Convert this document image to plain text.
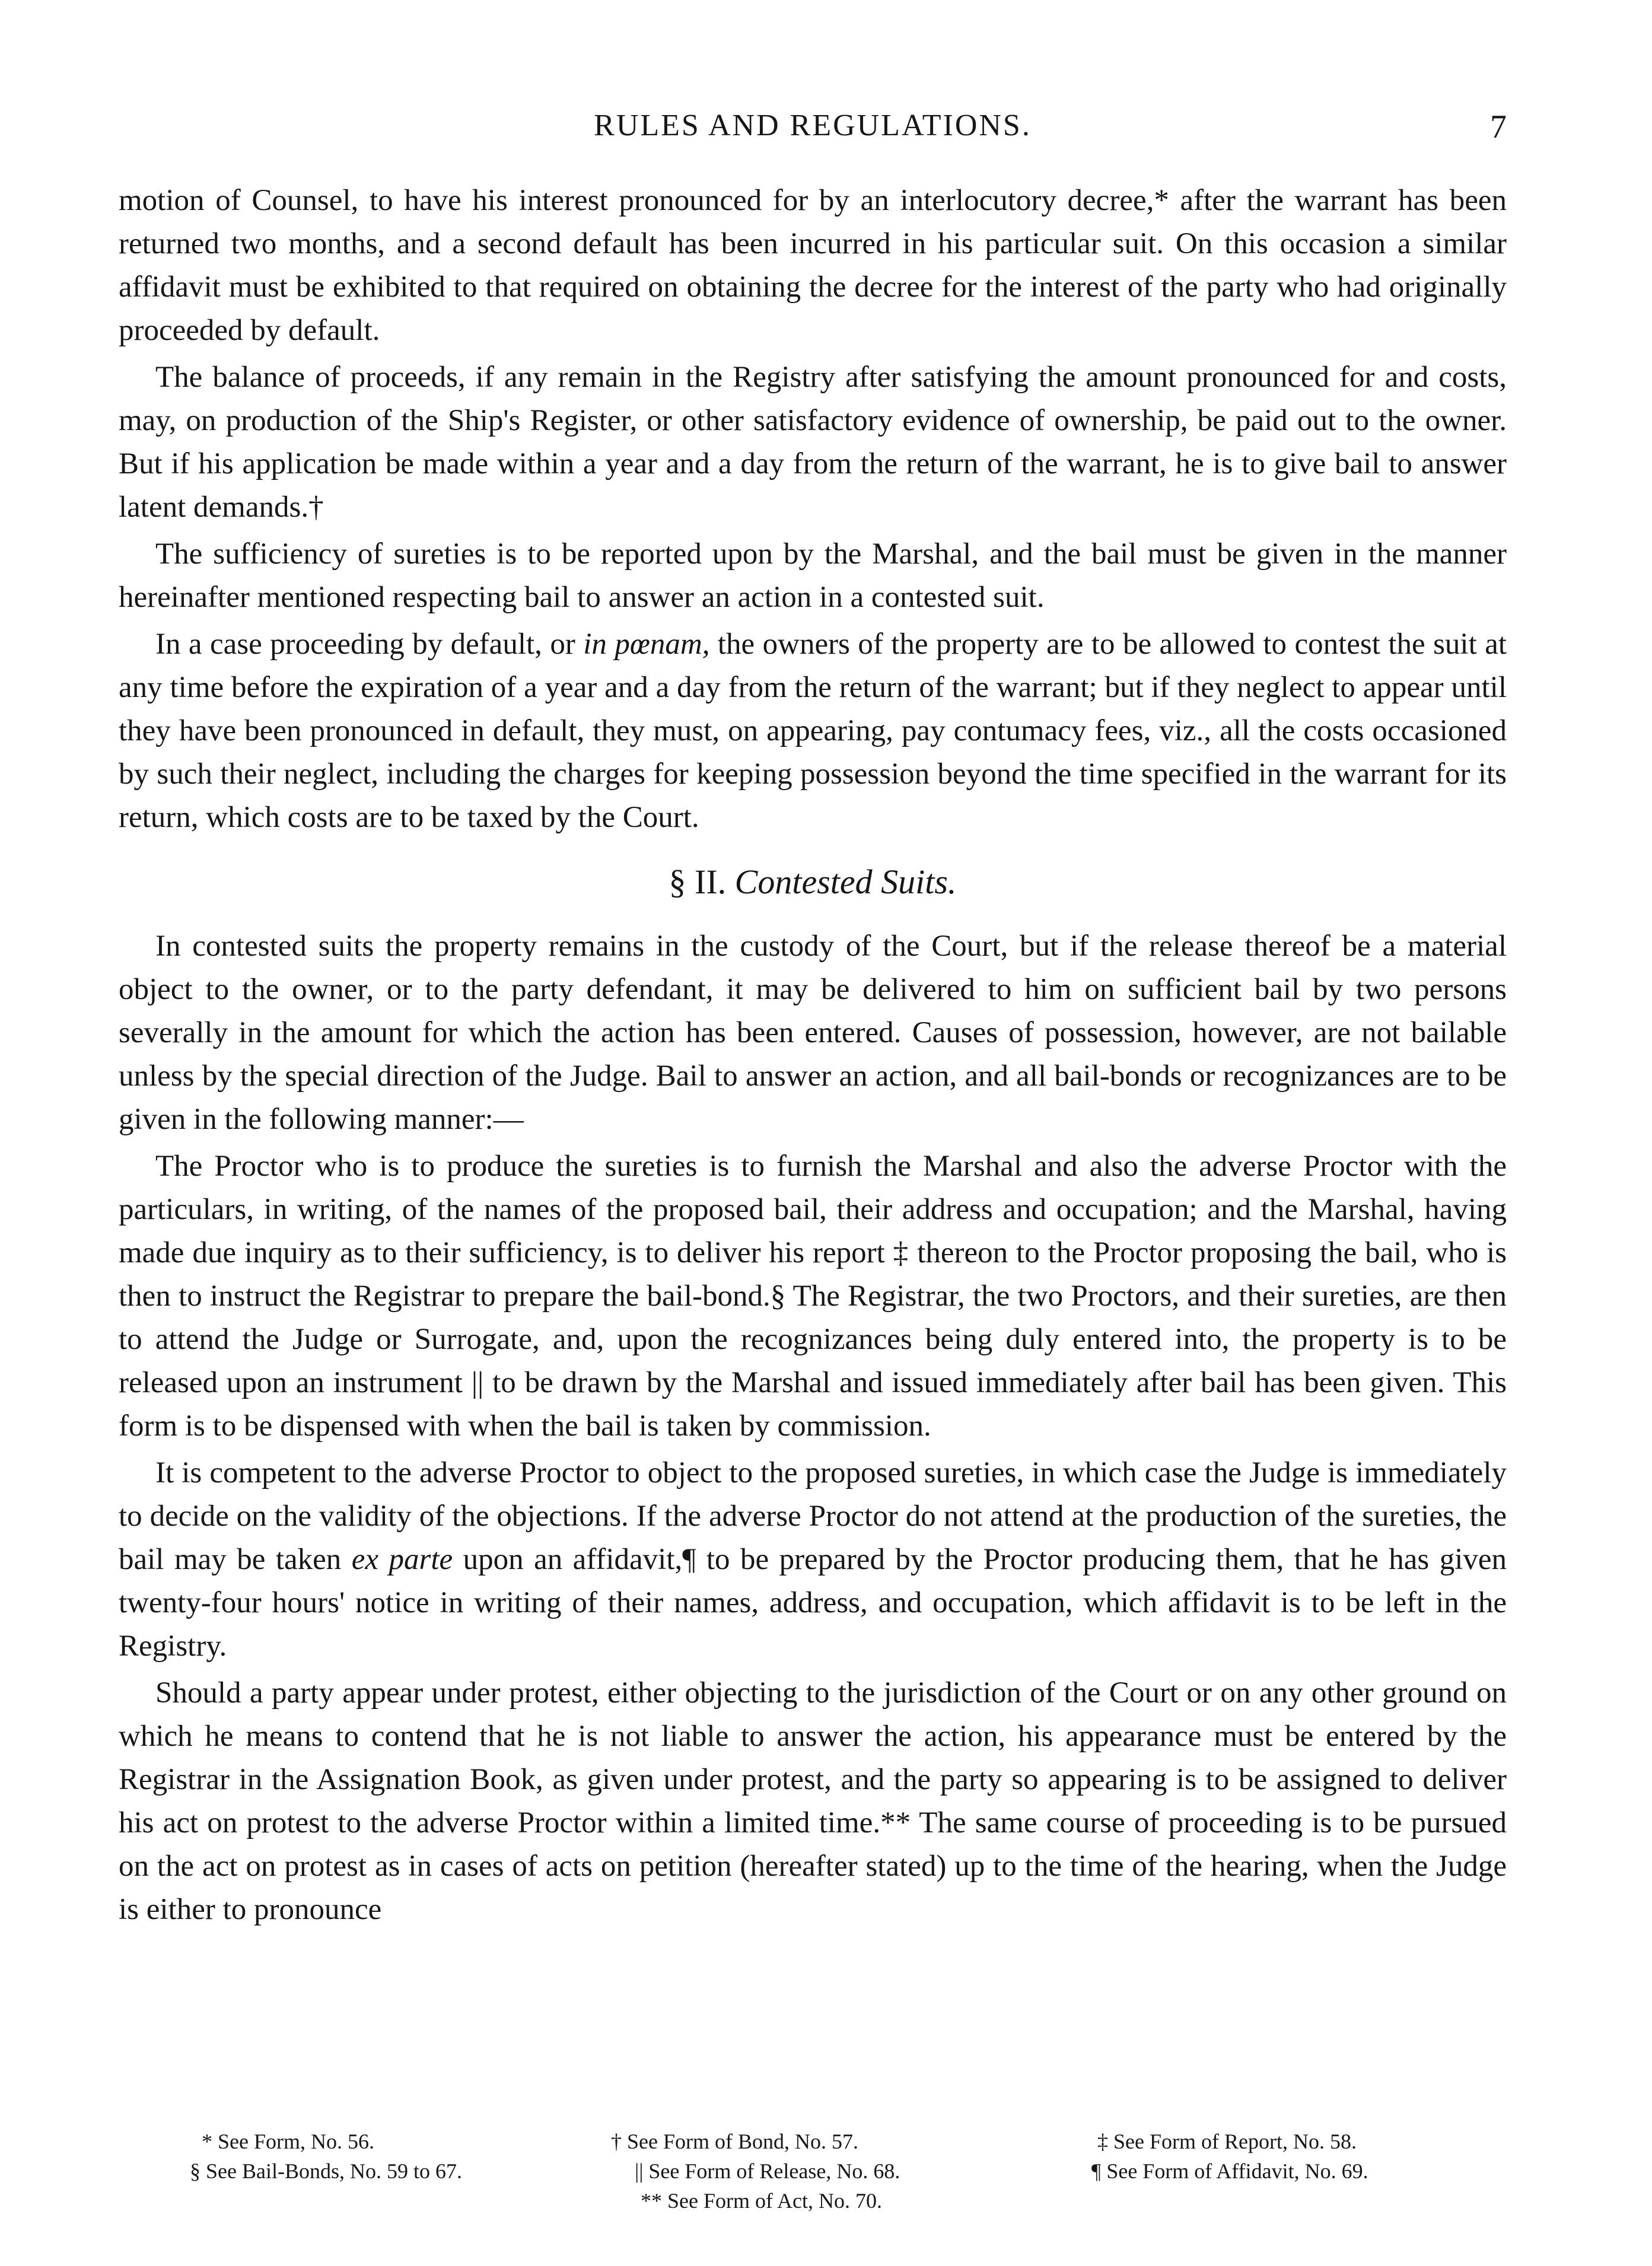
RULES AND REGULATIONS.	7

motion of Counsel, to have his interest pronounced for by an interlocutory decree,* after the warrant has been returned two months, and a second default has been incurred in his particular suit. On this occasion a similar affidavit must be exhibited to that required on obtaining the decree for the interest of the party who had originally proceeded by default.

The balance of proceeds, if any remain in the Registry after satisfying the amount pronounced for and costs, may, on production of the Ship's Register, or other satisfactory evidence of ownership, be paid out to the owner. But if his application be made within a year and a day from the return of the warrant, he is to give bail to answer latent demands.†

The sufficiency of sureties is to be reported upon by the Marshal, and the bail must be given in the manner hereinafter mentioned respecting bail to answer an action in a contested suit.

In a case proceeding by default, or in pœnam, the owners of the property are to be allowed to contest the suit at any time before the expiration of a year and a day from the return of the warrant; but if they neglect to appear until they have been pronounced in default, they must, on appearing, pay contumacy fees, viz., all the costs occasioned by such their neglect, including the charges for keeping possession beyond the time specified in the warrant for its return, which costs are to be taxed by the Court.

§ II. Contested Suits.

In contested suits the property remains in the custody of the Court, but if the release thereof be a material object to the owner, or to the party defendant, it may be delivered to him on sufficient bail by two persons severally in the amount for which the action has been entered. Causes of possession, however, are not bailable unless by the special direction of the Judge. Bail to answer an action, and all bail-bonds or recognizances are to be given in the following manner:—

The Proctor who is to produce the sureties is to furnish the Marshal and also the adverse Proctor with the particulars, in writing, of the names of the proposed bail, their address and occupation; and the Marshal, having made due inquiry as to their sufficiency, is to deliver his report ‡ thereon to the Proctor proposing the bail, who is then to instruct the Registrar to prepare the bail-bond.§ The Registrar, the two Proctors, and their sureties, are then to attend the Judge or Surrogate, and, upon the recognizances being duly entered into, the property is to be released upon an instrument || to be drawn by the Marshal and issued immediately after bail has been given. This form is to be dispensed with when the bail is taken by commission.

It is competent to the adverse Proctor to object to the proposed sureties, in which case the Judge is immediately to decide on the validity of the objections. If the adverse Proctor do not attend at the production of the sureties, the bail may be taken ex parte upon an affidavit,¶ to be prepared by the Proctor producing them, that he has given twenty-four hours' notice in writing of their names, address, and occupation, which affidavit is to be left in the Registry.

Should a party appear under protest, either objecting to the jurisdiction of the Court or on any other ground on which he means to contend that he is not liable to answer the action, his appearance must be entered by the Registrar in the Assignation Book, as given under protest, and the party so appearing is to be assigned to deliver his act on protest to the adverse Proctor within a limited time.** The same course of proceeding is to be pursued on the act on protest as in cases of acts on petition (hereafter stated) up to the time of the hearing, when the Judge is either to pronounce

* See Form, No. 56.	† See Form of Bond, No. 57.	‡ See Form of Report, No. 58.
§ See Bail-Bonds, No. 59 to 67.	|| See Form of Release, No. 68.	¶ See Form of Affidavit, No. 69.
** See Form of Act, No. 70.
